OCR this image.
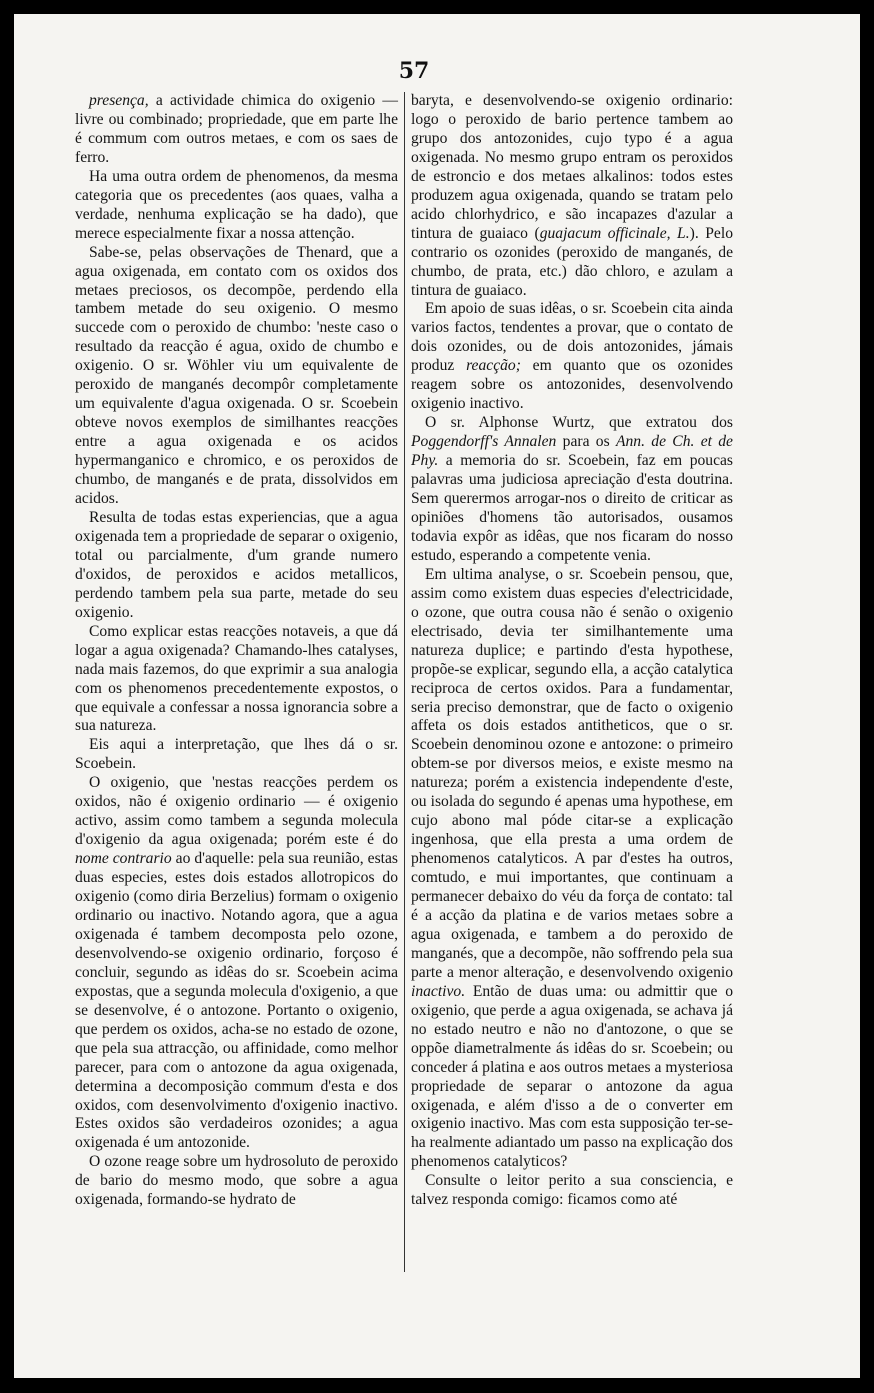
57

presença, a actividade chimica do oxigenio — livre ou combinado; propriedade, que em parte lhe é commum com outros metaes, e com os saes de ferro.

Ha uma outra ordem de phenomenos, da mesma categoria que os precedentes (aos quaes, valha a verdade, nenhuma explicação se ha dado), que merece especialmente fixar a nossa attenção.

Sabe-se, pelas observações de Thenard, que a agua oxigenada, em contato com os oxidos dos metaes preciosos, os decompõe, perdendo ella tambem metade do seu oxigenio. O mesmo succede com o peroxido de chumbo: 'neste caso o resultado da reacção é agua, oxido de chumbo e oxigenio. O sr. Wöhler viu um equivalente de peroxido de manganés decompôr completamente um equivalente d'agua oxigenada. O sr. Scoebein obteve novos exemplos de similhantes reacções entre a agua oxigenada e os acidos hypermanganico e chromico, e os peroxidos de chumbo, de manganés e de prata, dissolvidos em acidos.

Resulta de todas estas experiencias, que a agua oxigenada tem a propriedade de separar o oxigenio, total ou parcialmente, d'um grande numero d'oxidos, de peroxidos e acidos metallicos, perdendo tambem pela sua parte, metade do seu oxigenio.

Como explicar estas reacções notaveis, a que dá logar a agua oxigenada? Chamando-lhes catalyses, nada mais fazemos, do que exprimir a sua analogia com os phenomenos precedentemente expostos, o que equivale a confessar a nossa ignorancia sobre a sua natureza.

Eis aqui a interpretação, que lhes dá o sr. Scoebein.

O oxigenio, que 'nestas reacções perdem os oxidos, não é oxigenio ordinario — é oxigenio activo, assim como tambem a segunda molecula d'oxigenio da agua oxigenada; porém este é do nome contrario ao d'aquelle: pela sua reunião, estas duas especies, estes dois estados allotropicos do oxigenio (como diria Berzelius) formam o oxigenio ordinario ou inactivo. Notando agora, que a agua oxigenada é tambem decomposta pelo ozone, desenvolvendo-se oxigenio ordinario, forçoso é concluir, segundo as idêas do sr. Scoebein acima expostas, que a segunda molecula d'oxigenio, a que se desenvolve, é o antozone. Portanto o oxigenio, que perdem os oxidos, acha-se no estado de ozone, que pela sua attracção, ou affinidade, como melhor parecer, para com o antozone da agua oxigenada, determina a decomposição commum d'esta e dos oxidos, com desenvolvimento d'oxigenio inactivo. Estes oxidos são verdadeiros ozonides; a agua oxigenada é um antozonide.

O ozone reage sobre um hydrosoluto de peroxido de bario do mesmo modo, que sobre a agua oxigenada, formando-se hydrato de

baryta, e desenvolvendo-se oxigenio ordinario: logo o peroxido de bario pertence tambem ao grupo dos antozonides, cujo typo é a agua oxigenada. No mesmo grupo entram os peroxidos de estroncio e dos metaes alkalinos: todos estes produzem agua oxigenada, quando se tratam pelo acido chlorhydrico, e são incapazes d'azular a tintura de guaiaco (guajacum officinale, L.). Pelo contrario os ozonides (peroxido de manganés, de chumbo, de prata, etc.) dão chloro, e azulam a tintura de guaiaco.

Em apoio de suas idêas, o sr. Scoebein cita ainda varios factos, tendentes a provar, que o contato de dois ozonides, ou de dois antozonides, jámais produz reacção; em quanto que os ozonides reagem sobre os antozonides, desenvolvendo oxigenio inactivo.

O sr. Alphonse Wurtz, que extratou dos Poggendorff's Annalen para os Ann. de Ch. et de Phy. a memoria do sr. Scoebein, faz em poucas palavras uma judiciosa apreciação d'esta doutrina. Sem querermos arrogar-nos o direito de criticar as opiniões d'homens tão autorisados, ousamos todavia expôr as idêas, que nos ficaram do nosso estudo, esperando a competente venia.

Em ultima analyse, o sr. Scoebein pensou, que, assim como existem duas especies d'electricidade, o ozone, que outra cousa não é senão o oxigenio electrisado, devia ter similhantemente uma natureza duplice; e partindo d'esta hypothese, propõe-se explicar, segundo ella, a acção catalytica reciproca de certos oxidos. Para a fundamentar, seria preciso demonstrar, que de facto o oxigenio affeta os dois estados antitheticos, que o sr. Scoebein denominou ozone e antozone: o primeiro obtem-se por diversos meios, e existe mesmo na natureza; porém a existencia independente d'este, ou isolada do segundo é apenas uma hypothese, em cujo abono mal póde citar-se a explicação ingenhosa, que ella presta a uma ordem de phenomenos catalyticos. A par d'estes ha outros, comtudo, e mui importantes, que continuam a permanecer debaixo do véu da força de contato: tal é a acção da platina e de varios metaes sobre a agua oxigenada, e tambem a do peroxido de manganés, que a decompõe, não soffrendo pela sua parte a menor alteração, e desenvolvendo oxigenio inactivo. Então de duas uma: ou admittir que o oxigenio, que perde a agua oxigenada, se achava já no estado neutro e não no d'antozone, o que se oppõe diametralmente ás idêas do sr. Scoebein; ou conceder á platina e aos outros metaes a mysteriosa propriedade de separar o antozone da agua oxigenada, e além d'isso a de o converter em oxigenio inactivo. Mas com esta supposição ter-se-ha realmente adiantado um passo na explicação dos phenomenos catalyticos?

Consulte o leitor perito a sua consciencia, e talvez responda comigo: ficamos como até
